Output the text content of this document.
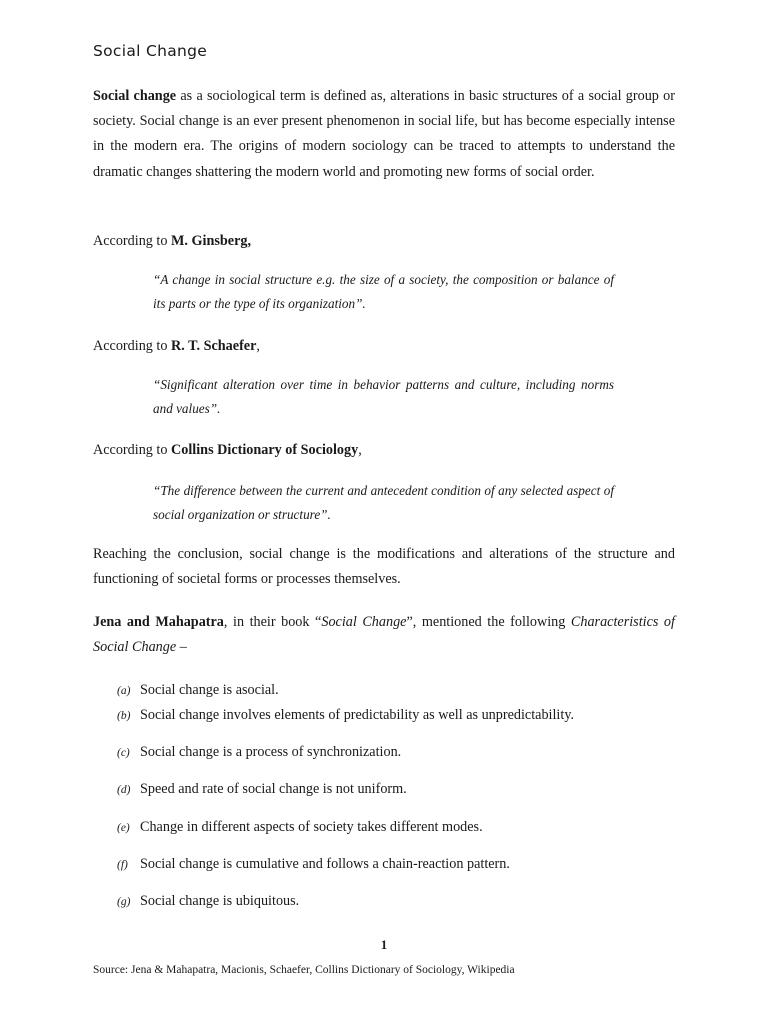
Social Change

Social change as a sociological term is defined as, alterations in basic structures of a social group or society. Social change is an ever present phenomenon in social life, but has become especially intense in the modern era. The origins of modern sociology can be traced to attempts to understand the dramatic changes shattering the modern world and promoting new forms of social order.

According to M. Ginsberg,
“A change in social structure e.g. the size of a society, the composition or balance of its parts or the type of its organization”.
According to R. T. Schaefer,
“Significant alteration over time in behavior patterns and culture, including norms and values”.
According to Collins Dictionary of Sociology,
“The difference between the current and antecedent condition of any selected aspect of social organization or structure”.

Reaching the conclusion, social change is the modifications and alterations of the structure and functioning of societal forms or processes themselves.

Jena and Mahapatra, in their book “Social Change”, mentioned the following Characteristics of Social Change –

(a) Social change is asocial.
(b) Social change involves elements of predictability as well as unpredictability.
(c) Social change is a process of synchronization.
(d) Speed and rate of social change is not uniform.
(e) Change in different aspects of society takes different modes.
(f) Social change is cumulative and follows a chain-reaction pattern.
(g) Social change is ubiquitous.
1
Source: Jena & Mahapatra, Macionis, Schaefer, Collins Dictionary of Sociology, Wikipedia
